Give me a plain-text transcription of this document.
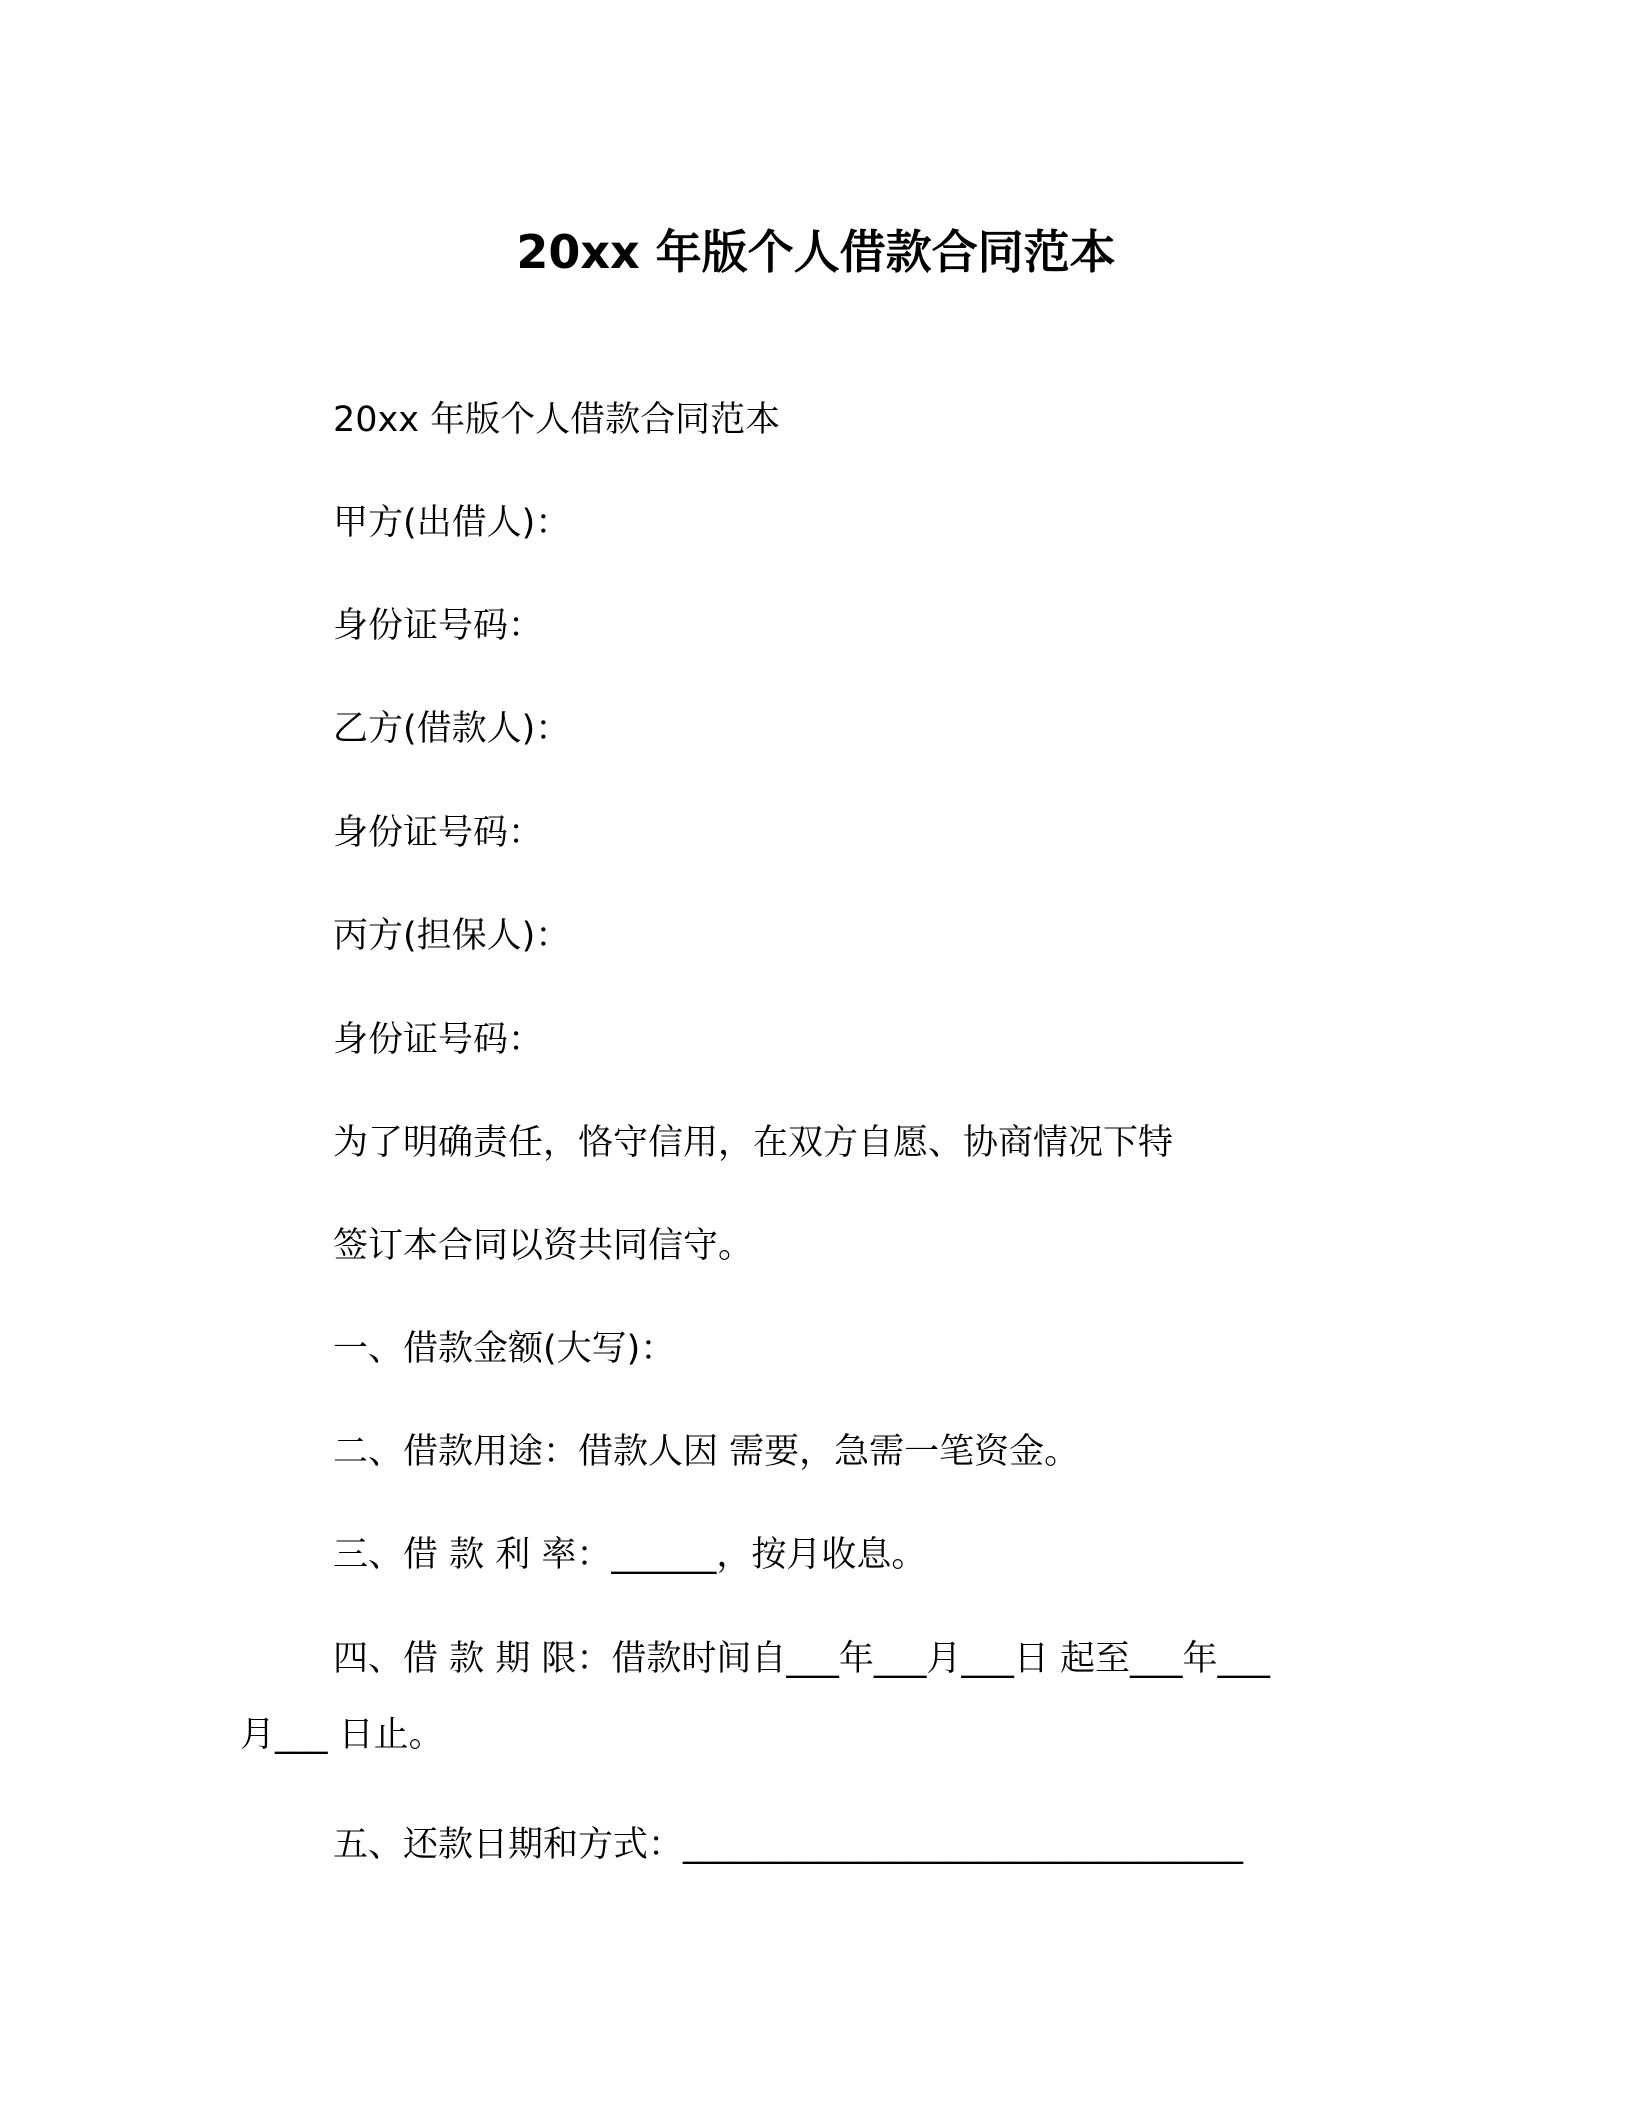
20xx 年版个人借款合同范本
20xx 年版个人借款合同范本
甲方(出借人)：
身份证号码：
乙方(借款人)：
身份证号码：
丙方(担保人)：
身份证号码：
为了明确责任，恪守信用，在双方自愿、协商情况下特
签订本合同以资共同信守。
一、借款金额(大写)：
二、借款用途：借款人因 需要，急需一笔资金。
三、借 款 利 率：______，按月收息。
四、借 款 期 限：借款时间自___年___月___日 起至___年___
月___ 日止。
五、还款日期和方式：________________________________
